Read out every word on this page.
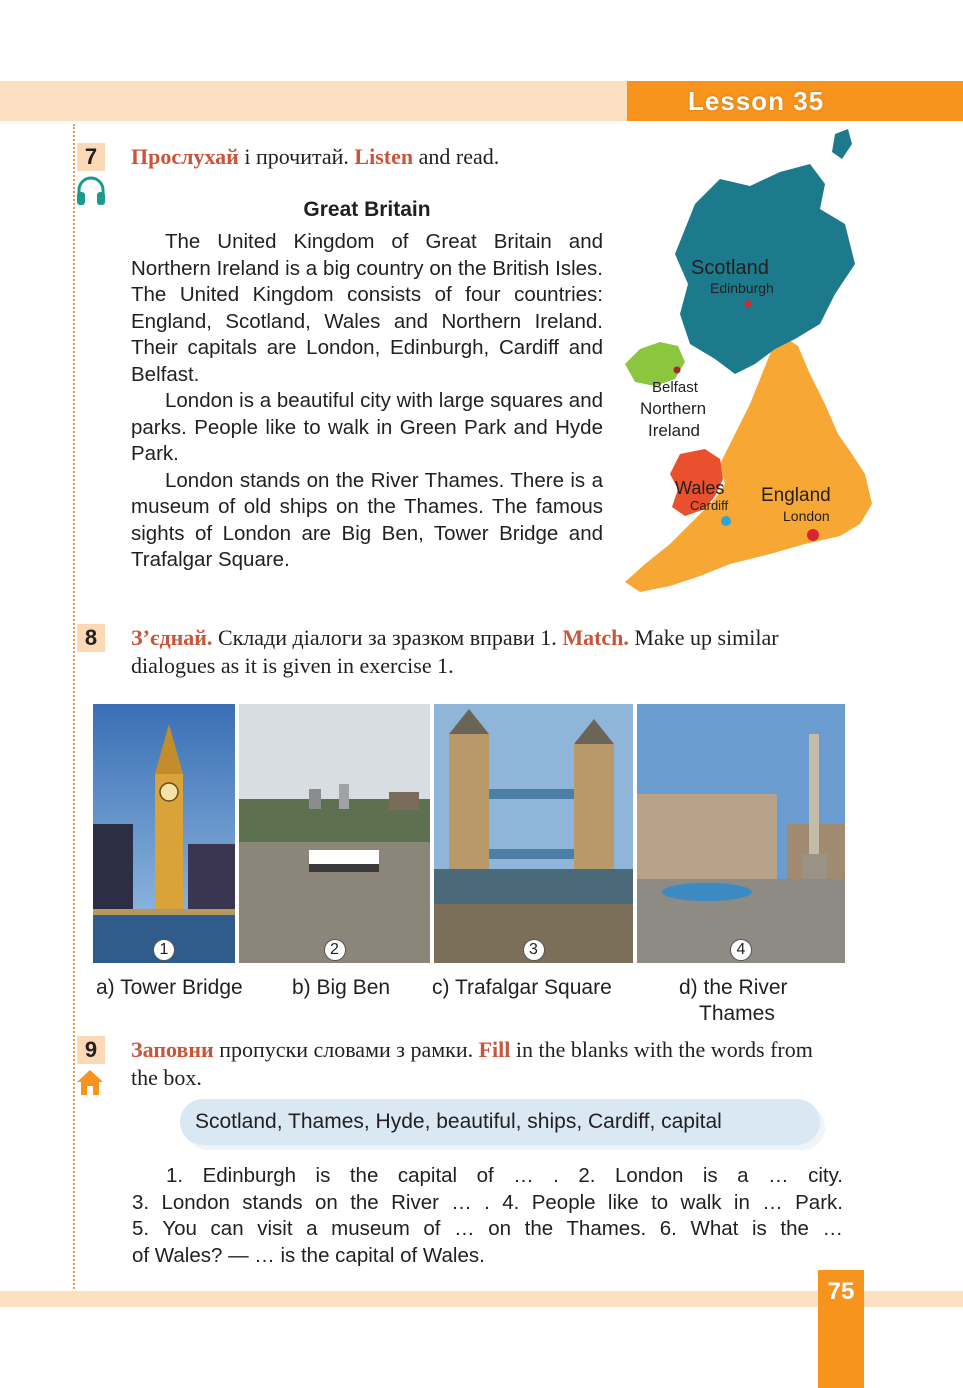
Lesson 35
7	Прослухай і прочитай. Listen and read.
Great Britain

The United Kingdom of Great Britain and Northern Ireland is a big country on the British Isles. The United Kingdom consists of four countries: England, Scotland, Wales and Northern Ireland. Their capitals are London, Edinburgh, Cardiff and Belfast.

London is a beautiful city with large squares and parks. People like to walk in Green Park and Hyde Park.

London stands on the River Thames. There is a museum of old ships on the Thames. The famous sights of London are Big Ben, Tower Bridge and Trafalgar Square.

Scotland
Edinburgh
Belfast
Northern
Ireland
Wales
Cardiff England
London
8	З’єднай. Склади діалоги за зразком вправи 1. Match. Make up similar dialogues as it is given in exercise 1.
1	2	3	4
a) Tower Bridge b) Big Ben c) Trafalgar Square	d) the River
Thames
9	Заповни пропуски словами з рамки. Fill in the blanks with the words from the box.
Scotland, Thames, Hyde, beautiful, ships, Cardiff, capital
1. Edinburgh is the capital of … . 2. London is a … city.
3. London stands on the River … . 4. People like to walk in … Park.
5. You can visit a museum of … on the Thames. 6. What is the …
of Wales? — … is the capital of Wales.
75
